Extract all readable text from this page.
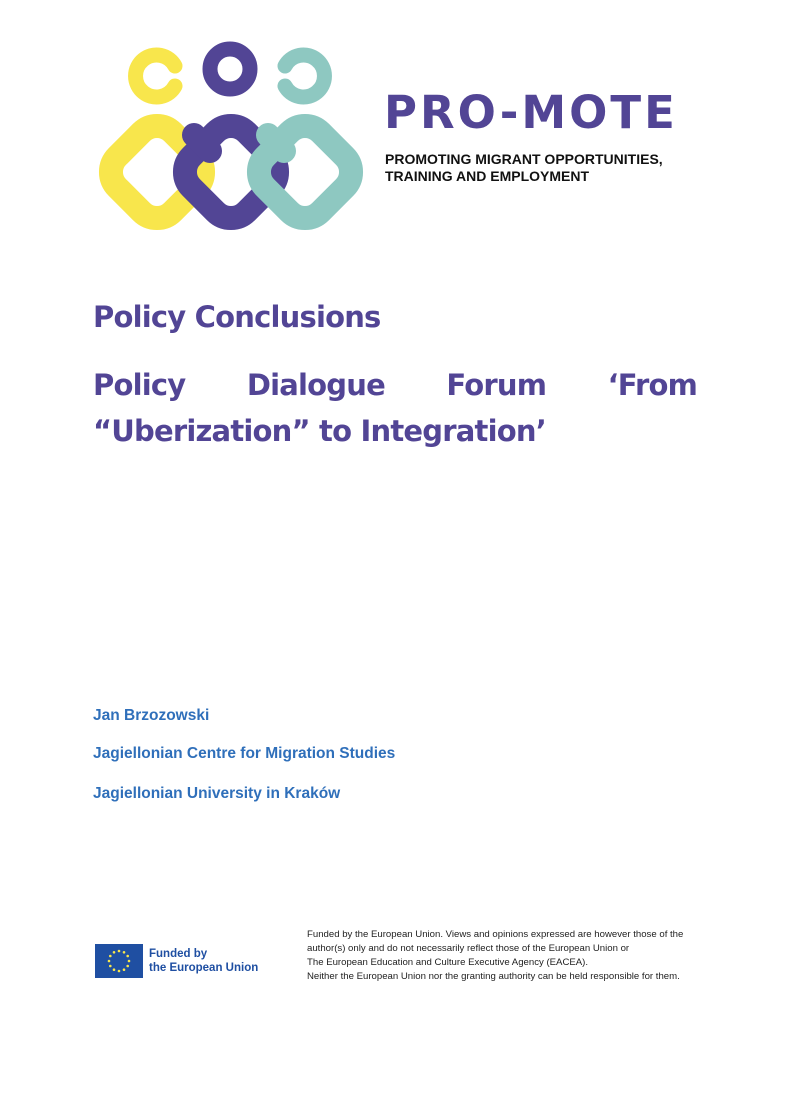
PRO-MOTE
PROMOTING MIGRANT OPPORTUNITIES,
TRAINING AND EMPLOYMENT
Policy Conclusions
Policy Dialogue Forum ‘From
“Uberization” to Integration’

Jan Brzozowski

Jagiellonian Centre for Migration Studies

Jagiellonian University in Kraków

Funded by
the European Union
Funded by the European Union. Views and opinions expressed are however those of the
author(s) only and do not necessarily reflect those of the European Union or
The European Education and Culture Executive Agency (EACEA).
Neither the European Union nor the granting authority can be held responsible for them.
